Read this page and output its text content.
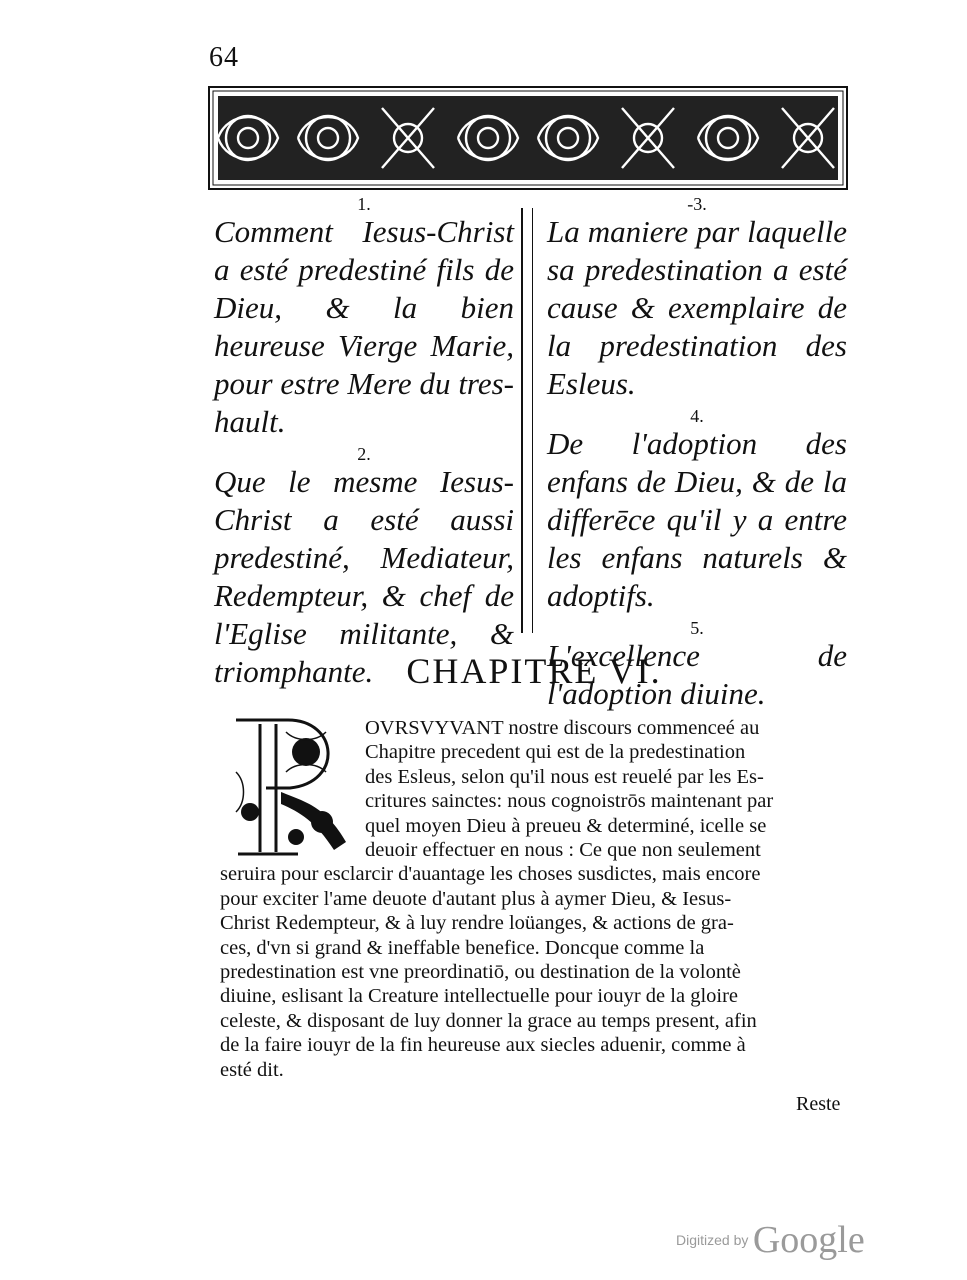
64

1.

Comment Iesus-Christ a esté predestiné fils de Dieu, & la bien heureuse Vierge Marie, pour estre Mere du tres-hault.

2.

Que le mesme Iesus-Christ a esté aussi predestiné, Mediateur, Redempteur, & chef de l'Eglise militante, & triomphante.

-3.

La maniere par laquelle sa predestination a esté cause & exemplaire de la predestination des Esleus.

4.

De l'adoption des enfans de Dieu, & de la differēce qu'il y a entre les enfans naturels & adoptifs.

5.

L'excellence de l'adoption diuine.

CHAPITRE VI.
OVRSVYVANT nostre discours commenceé au
Chapitre precedent qui est de la predestination
des Esleus, selon qu'il nous est reuelé par les Es-
critures sainctes: nous cognoistrōs maintenant par
quel moyen Dieu à preueu & determiné, icelle se
deuoir effectuer en nous : Ce que non seulement
seruira pour esclarcir d'auantage les choses susdictes, mais encore
pour exciter l'ame deuote d'autant plus à aymer Dieu, & Iesus-
Christ Redempteur, & à luy rendre loüanges, & actions de gra-
ces, d'vn si grand & ineffable benefice. Doncque comme la
predestination est vne preordinatiō, ou destination de la volontè
diuine, eslisant la Creature intellectuelle pour iouyr de la gloire
celeste, & disposant de luy donner la grace au temps present, afin
de la faire iouyr de la fin heureuse aux siecles aduenir, comme à
esté dit.
Reste
Digitized by Google
